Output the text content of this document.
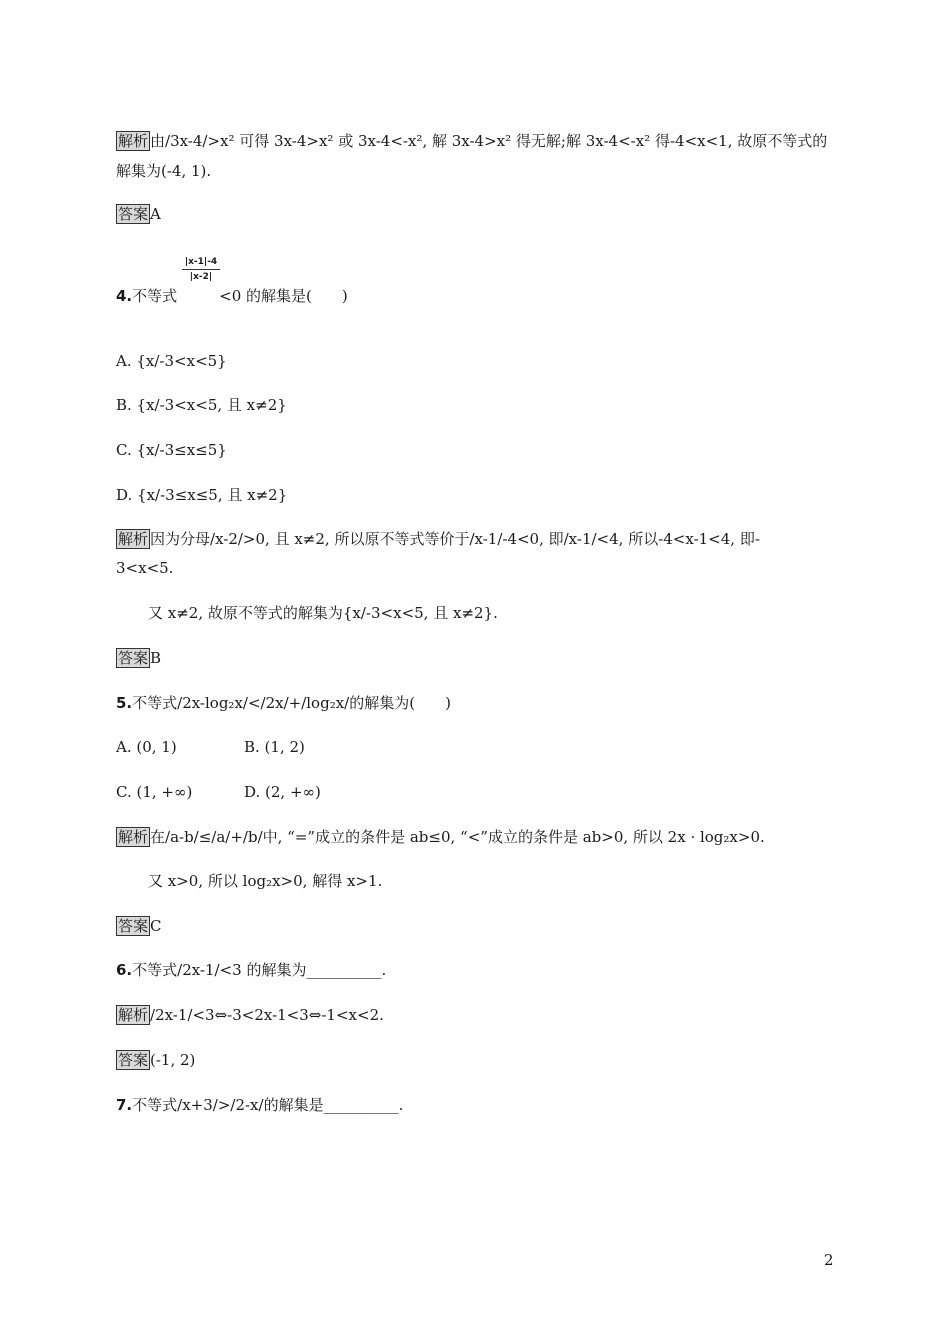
解析 由/3x-4/>x² 可得 3x-4>x² 或 3x-4<-x², 解 3x-4>x² 得无解;解 3x-4<-x² 得-4<x<1, 故原不等式的
解集为(-4, 1).
答案 A
$\frac{|x-1|-4}{|x-2|}$
4.不等式	<0 的解集是(　　)
A. {x/-3<x<5}
B. {x/-3<x<5, 且 x≠2}
C. {x/-3≤x≤5}
D. {x/-3≤x≤5, 且 x≠2}
解析 因为分母/x-2/>0, 且 x≠2, 所以原不等式等价于/x-1/-4<0, 即/x-1/<4, 所以-4<x-1<4, 即-
3<x<5.
又 x≠2, 故原不等式的解集为{x/-3<x<5, 且 x≠2}.
答案 B
5.不等式/2x-log₂x/</2x/+/log₂x/的解集为(　　)
A. (0, 1)	B. (1, 2)
C. (1, +∞)	D. (2, +∞)
解析 在/a-b/≤/a/+/b/中, “=”成立的条件是 ab≤0, “<”成立的条件是 ab>0, 所以 2x · log₂x>0.
又 x>0, 所以 log₂x>0, 解得 x>1.
答案 C
6.不等式/2x-1/<3 的解集为__________.
解析 /2x-1/<3⇔-3<2x-1<3⇔-1<x<2.
答案 (-1, 2)
7.不等式/x+3/>/2-x/的解集是__________.
2
